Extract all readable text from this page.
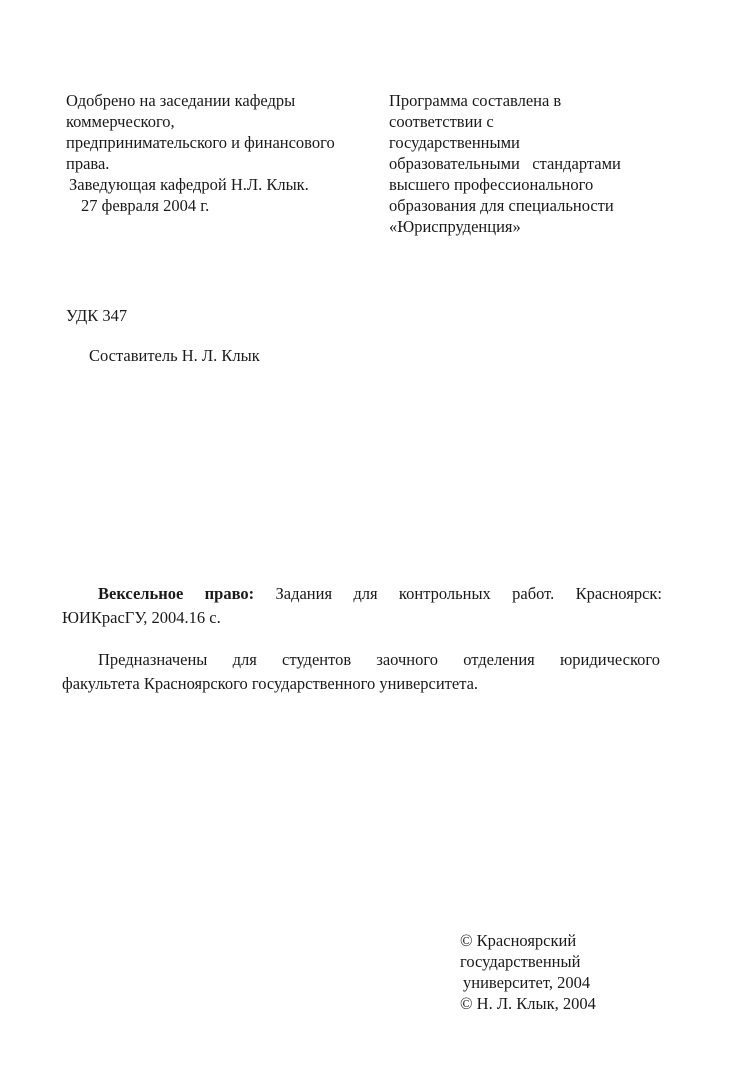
Одобрено на заседании кафедры
коммерческого,
предпринимательского и финансового
права.
Заведующая кафедрой Н.Л. Клык.
27 февраля 2004 г.
Программа составлена в
соответствии с
государственными
образовательными   стандартами
высшего профессионального
образования для специальности
«Юриспруденция»
УДК 347
Составитель Н. Л. Клык
Вексельное право: Задания для контрольных работ. Красноярск:
ЮИКрасГУ, 2004.16 с.
Предназначены для студентов заочного отделения юридического
факультета Красноярского государственного университета.
© Красноярский
государственный
университет, 2004
© Н. Л. Клык, 2004
